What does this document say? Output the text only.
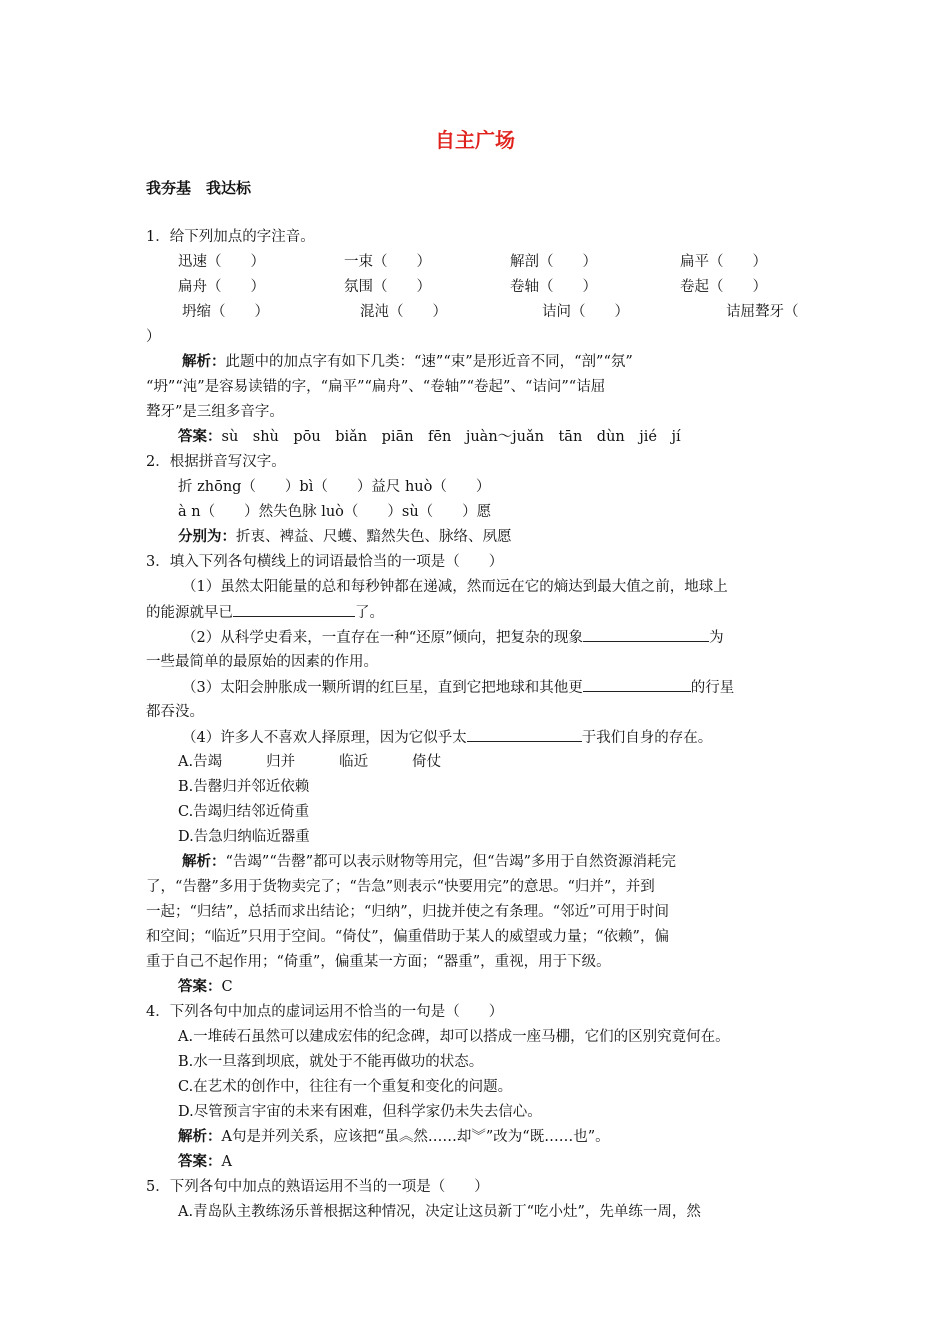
自主广场
我夯基　我达标
1．给下列加点的字注音。
迅速（　　）	一束（　　）	解剖（　　）	扁平（　　）
扁舟（　　）	氛围（　　）	卷轴（　　）	卷起（　　）
坍缩（　　）	混沌（　　）	诘问（　　）	诘屈聱牙（
）
解析：此题中的加点字有如下几类：“速”“束”是形近音不同，“剖”“氛”
“坍”“沌”是容易读错的字，“扁平”“扁舟”、“卷轴”“卷起”、“诘问”“诘屈
聱牙”是三组多音字。
答案：sù　shù　pōu　biǎn　piān　fēn　juàn～juǎn　tān　dùn　jié　jí
2．根据拼音写汉字。
折 zhōng（　　）bì（　　）益尺 huò（　　）
à n（　　）然失色脉 luò（　　）sù（　　）愿
分别为：折衷、裨益、尺蠖、黯然失色、脉络、夙愿
3．填入下列各句横线上的词语最恰当的一项是（　　）
（1）虽然太阳能量的总和每秒钟都在递减，然而远在它的熵达到最大值之前，地球上
的能源就早已	了。
（2）从科学史看来，一直存在一种“还原”倾向，把复杂的现象	为
一些最简单的最原始的因素的作用。
（3）太阳会肿胀成一颗所谓的红巨星，直到它把地球和其他更	的行星
都吞没。
（4）许多人不喜欢人择原理，因为它似乎太	于我们自身的存在。
A.告竭	归并	临近	倚仗
B.告罄归并邻近依赖
C.告竭归结邻近倚重
D.告急归纳临近器重
解析：“告竭”“告罄”都可以表示财物等用完，但“告竭”多用于自然资源消耗完
了，“告罄”多用于货物卖完了；“告急”则表示“快要用完”的意思。“归并”，并到
一起；“归结”，总括而求出结论；“归纳”，归拢并使之有条理。“邻近”可用于时间
和空间；“临近”只用于空间。“倚仗”，偏重借助于某人的威望或力量；“依赖”，偏
重于自己不起作用；“倚重”，偏重某一方面；“器重”，重视，用于下级。
答案：C
4．下列各句中加点的虚词运用不恰当的一句是（　　）
A.一堆砖石虽然可以建成宏伟的纪念碑，却可以搭成一座马棚，它们的区别究竟何在。
B.水一旦落到坝底，就处于不能再做功的状态。
C.在艺术的创作中，往往有一个重复和变化的问题。
D.尽管预言宇宙的未来有困难，但科学家仍未失去信心。
解析：A句是并列关系，应该把“虽︽然……却︾”改为“既……也”。
答案：A
5．下列各句中加点的熟语运用不当的一项是（　　）
A.青岛队主教练汤乐普根据这种情况，决定让这员新丁“吃小灶”，先单练一周，然
